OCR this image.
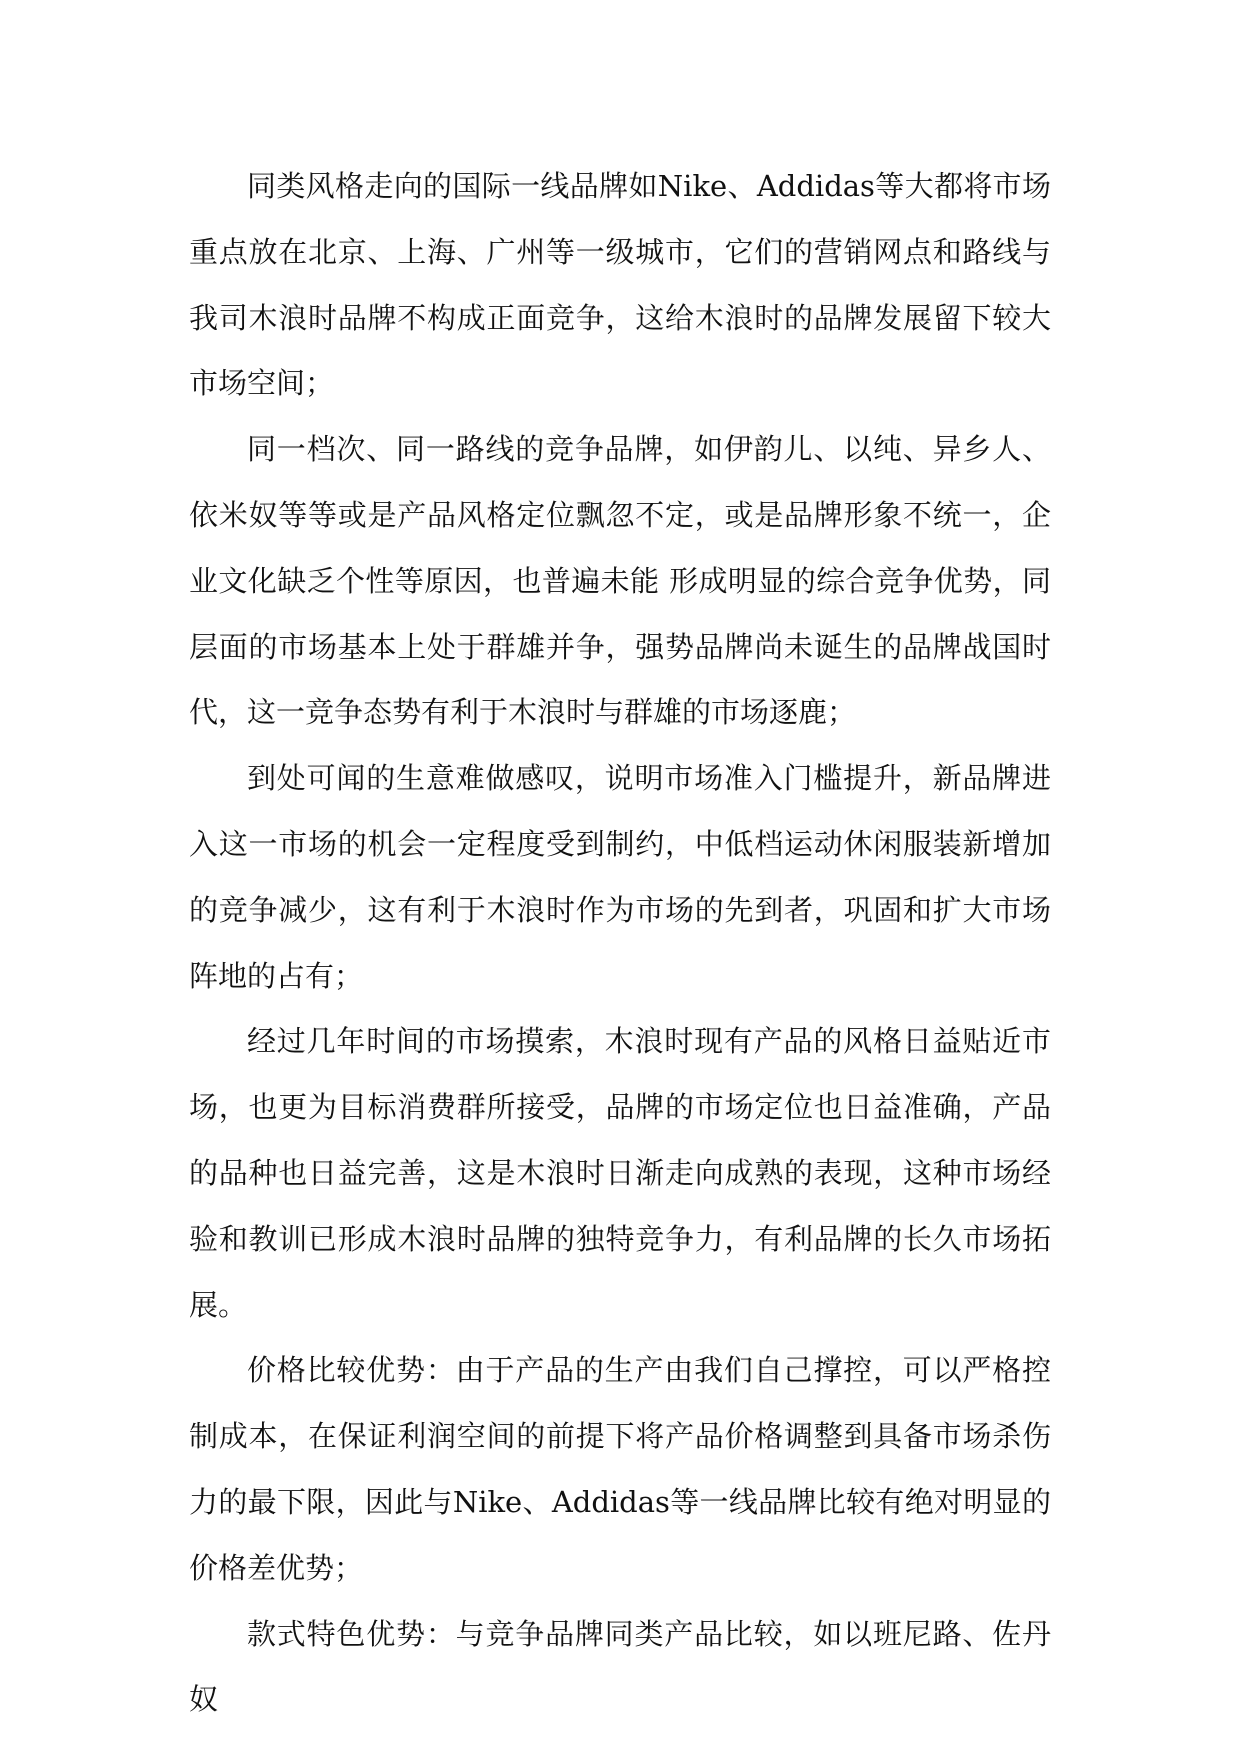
同类风格走向的国际一线品牌如Nike、Addidas等大都将市场重点放在北京、上海、广州等一级城市，它们的营销网点和路线与我司木浪时品牌不构成正面竞争，这给木浪时的品牌发展留下较大市场空间；

同一档次、同一路线的竞争品牌，如伊韵儿、以纯、异乡人、依米奴等等或是产品风格定位飘忽不定，或是品牌形象不统一，企业文化缺乏个性等原因，也普遍未能 形成明显的综合竞争优势，同层面的市场基本上处于群雄并争，强势品牌尚未诞生的品牌战国时代，这一竞争态势有利于木浪时与群雄的市场逐鹿；

到处可闻的生意难做感叹，说明市场准入门槛提升，新品牌进入这一市场的机会一定程度受到制约，中低档运动休闲服装新增加的竞争减少，这有利于木浪时作为市场的先到者，巩固和扩大市场阵地的占有；

经过几年时间的市场摸索，木浪时现有产品的风格日益贴近市场，也更为目标消费群所接受，品牌的市场定位也日益准确，产品的品种也日益完善，这是木浪时日渐走向成熟的表现，这种市场经验和教训已形成木浪时品牌的独特竞争力，有利品牌的长久市场拓展。

价格比较优势：由于产品的生产由我们自己撑控，可以严格控制成本，在保证利润空间的前提下将产品价格调整到具备市场杀伤力的最下限，因此与Nike、Addidas等一线品牌比较有绝对明显的价格差优势；

款式特色优势：与竞争品牌同类产品比较，如以班尼路、佐丹奴
